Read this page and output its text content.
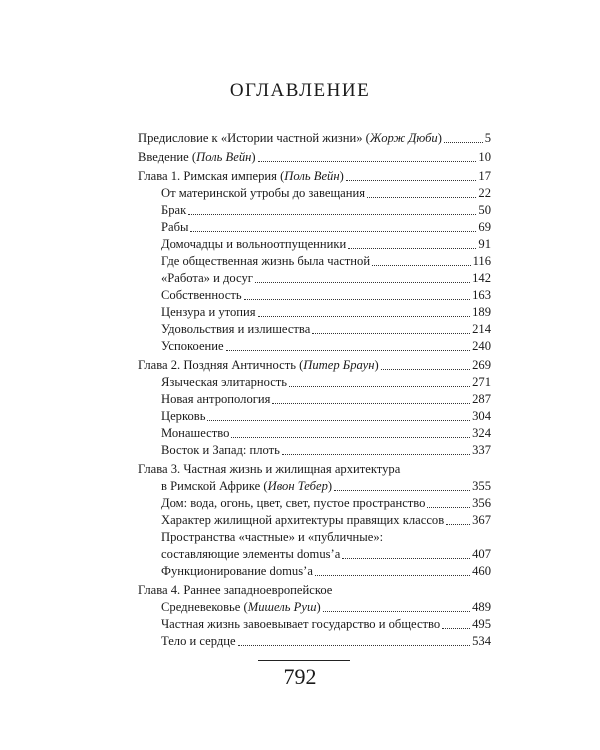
ОГЛАВЛЕНИЕ
Предисловие к «Истории частной жизни» (Жорж Дюби)	5
Введение (Поль Вейн)	10
Глава 1. Римская империя (Поль Вейн)	17
От материнской утробы до завещания	22
Брак	50
Рабы	69
Домочадцы и вольноотпущенники	91
Где общественная жизнь была частной	116
«Работа» и досуг	142
Собственность	163
Цензура и утопия	189
Удовольствия и излишества	214
Успокоение	240
Глава 2. Поздняя Античность (Питер Браун)	269
Языческая элитарность	271
Новая антропология	287
Церковь	304
Монашество	324
Восток и Запад: плоть	337
Глава 3. Частная жизнь и жилищная архитектура
в Римской Африке (Ивон Тебер)	355
Дом: вода, огонь, цвет, свет, пустое пространство	356
Характер жилищной архитектуры правящих классов 367
Пространства «частные» и «публичные»:
составляющие элементы domus’a	407
Функционирование domus’a	460
Глава 4. Раннее западноевропейское
Средневековье (Мишель Руш)	489
Частная жизнь завоевывает государство и общество	495
Тело и сердце	534
792
